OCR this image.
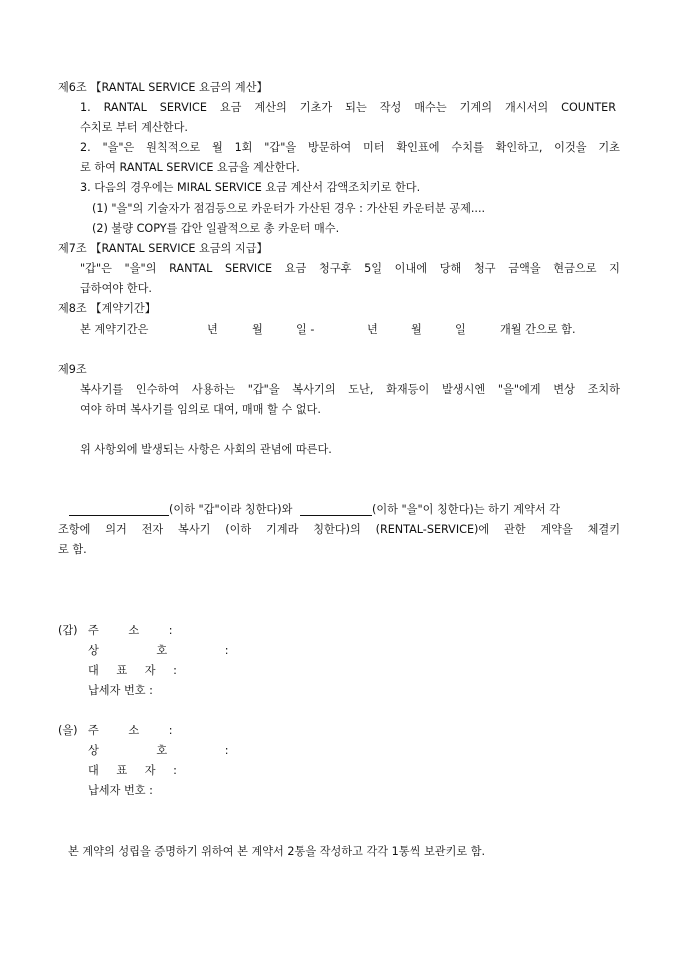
제6조 【RANTAL SERVICE 요금의 계산】
1. RANTAL SERVICE 요금 계산의 기초가 되는 작성 매수는 기계의 개시서의 COUNTER
수치로 부터 계산한다.
2. "을"은 원칙적으로 월 1회 "갑"을 방문하여 미터 확인표에 수치를 확인하고, 이것을 기초
로 하여 RANTAL SERVICE 요금을 계산한다.
3. 다음의 경우에는 MIRAL SERVICE 요금 계산서 감액조치키로 한다.
(1) "을"의 기술자가 점검등으로 카운터가 가산된 경우 : 가산된 카운터분 공제....
(2) 불량 COPY를 갑안 일괄적으로 총 카운터 매수.
제7조 【RANTAL SERVICE 요금의 지급】
"갑"은 "을"의 RANTAL SERVICE 요금 청구후 5일 이내에 당해 청구 금액을 현금으로 지
급하여야 한다.
제8조 【계약기간】
본 계약기간은	년	월	일 -	년	월	일	개월 간으로 함.
제9조
복사기를 인수하여 사용하는 "갑"을 복사기의 도난, 화재등이 발생시엔 "을"에게 변상 조치하
여야 하며 복사기를 임의로 대여, 매매 할 수 없다.
위 사항외에 발생되는 사항은 사회의 관념에 따른다.
(이하 "갑"이라 칭한다)와	(이하 "을"이 칭한다)는 하기 계약서 각
조항에 의거 전자 복사기 (이하 기계라 칭한다)의 (RENTAL-SERVICE)에 관한 계약을 체결키
로 함.
(갑) 주 소 :
상 호 :
대 표 자 :
납세자 번호 :
(을) 주 소 :
상 호 :
대 표 자 :
납세자 번호 :
본 계약의 성립을 증명하기 위하여 본 계약서 2통을 작성하고 각각 1통씩 보관키로 함.
